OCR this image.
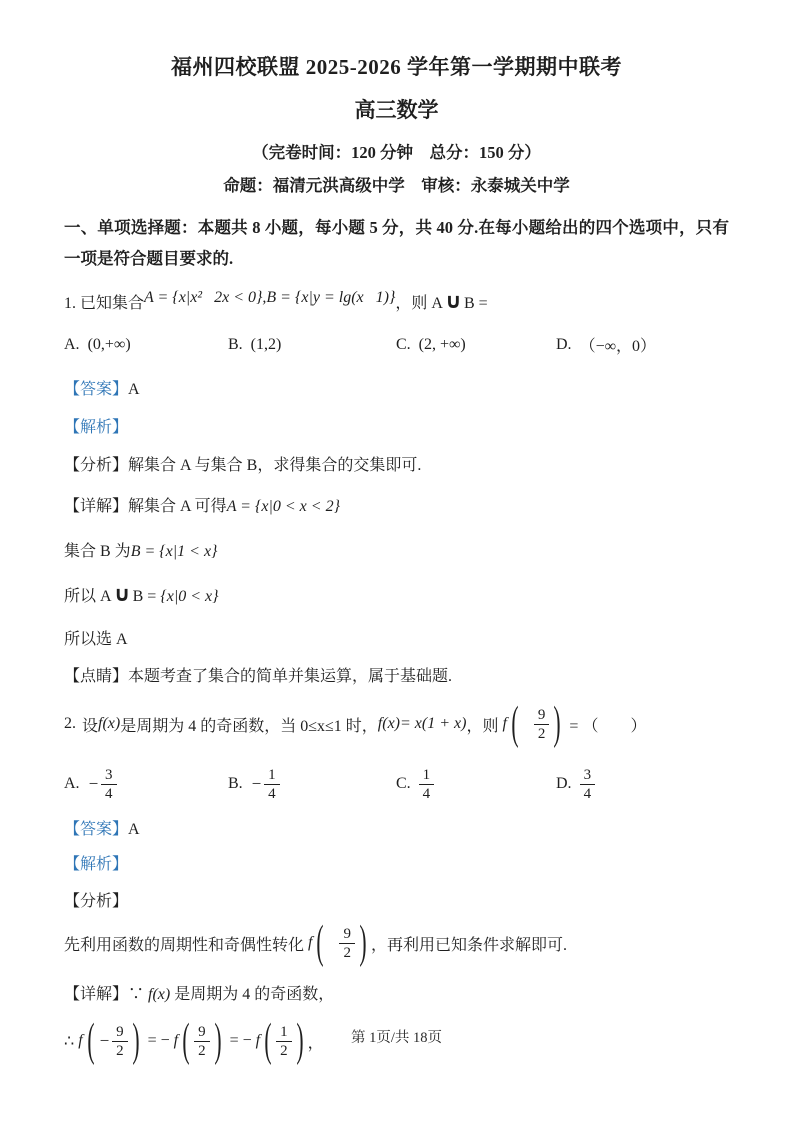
福州四校联盟 2025-2026 学年第一学期期中联考
高三数学
（完卷时间：120 分钟　总分：150 分）
命题：福清元洪高级中学　审核：永泰城关中学
一、单项选择题：本题共 8 小题，每小题 5 分，共 40 分.在每小题给出的四个选项中，只有一项是符合题目要求的.
1. 已知集合A = {x|x²  2x < 0},B = {x|y = lg(x  1)}，则 A∪ B =
A. (0,+∞)	B. (1,2)	C. (2, +∞)	D. （−∞，0）
【答案】A
【解析】
【分析】解集合 A 与集合 B，求得集合的交集即可.
【详解】解集合 A 可得A = {x|0 < x < 2}
集合 B 为B = {x|1 < x}
所以 A∪ B = {x|0 < x}
所以选 A
【点睛】本题考查了集合的简单并集运算，属于基础题.
2. 设 f(x) 是周期为 4 的奇函数，当 0≤x≤1 时， f(x)= x(1 + x) ，则 f ( $\frac{9}{2}$ ) = （　　）
A. − $\frac{3}{4}$	B. − $\frac{1}{4}$	C. $\frac{1}{4}$	D. $\frac{3}{4}$
【答案】A
【解析】
【分析】
先利用函数的周期性和奇偶性转化 f ( $\frac{9}{2}$ ) ，再利用已知条件求解即可.
【详解】∵ f(x) 是周期为 4 的奇函数，
∴ f ( − $\frac{9}{2}$ ) = − f ( $\frac{9}{2}$ ) = − f ( $\frac{1}{2}$ ) ，	第 1页/共 18页
